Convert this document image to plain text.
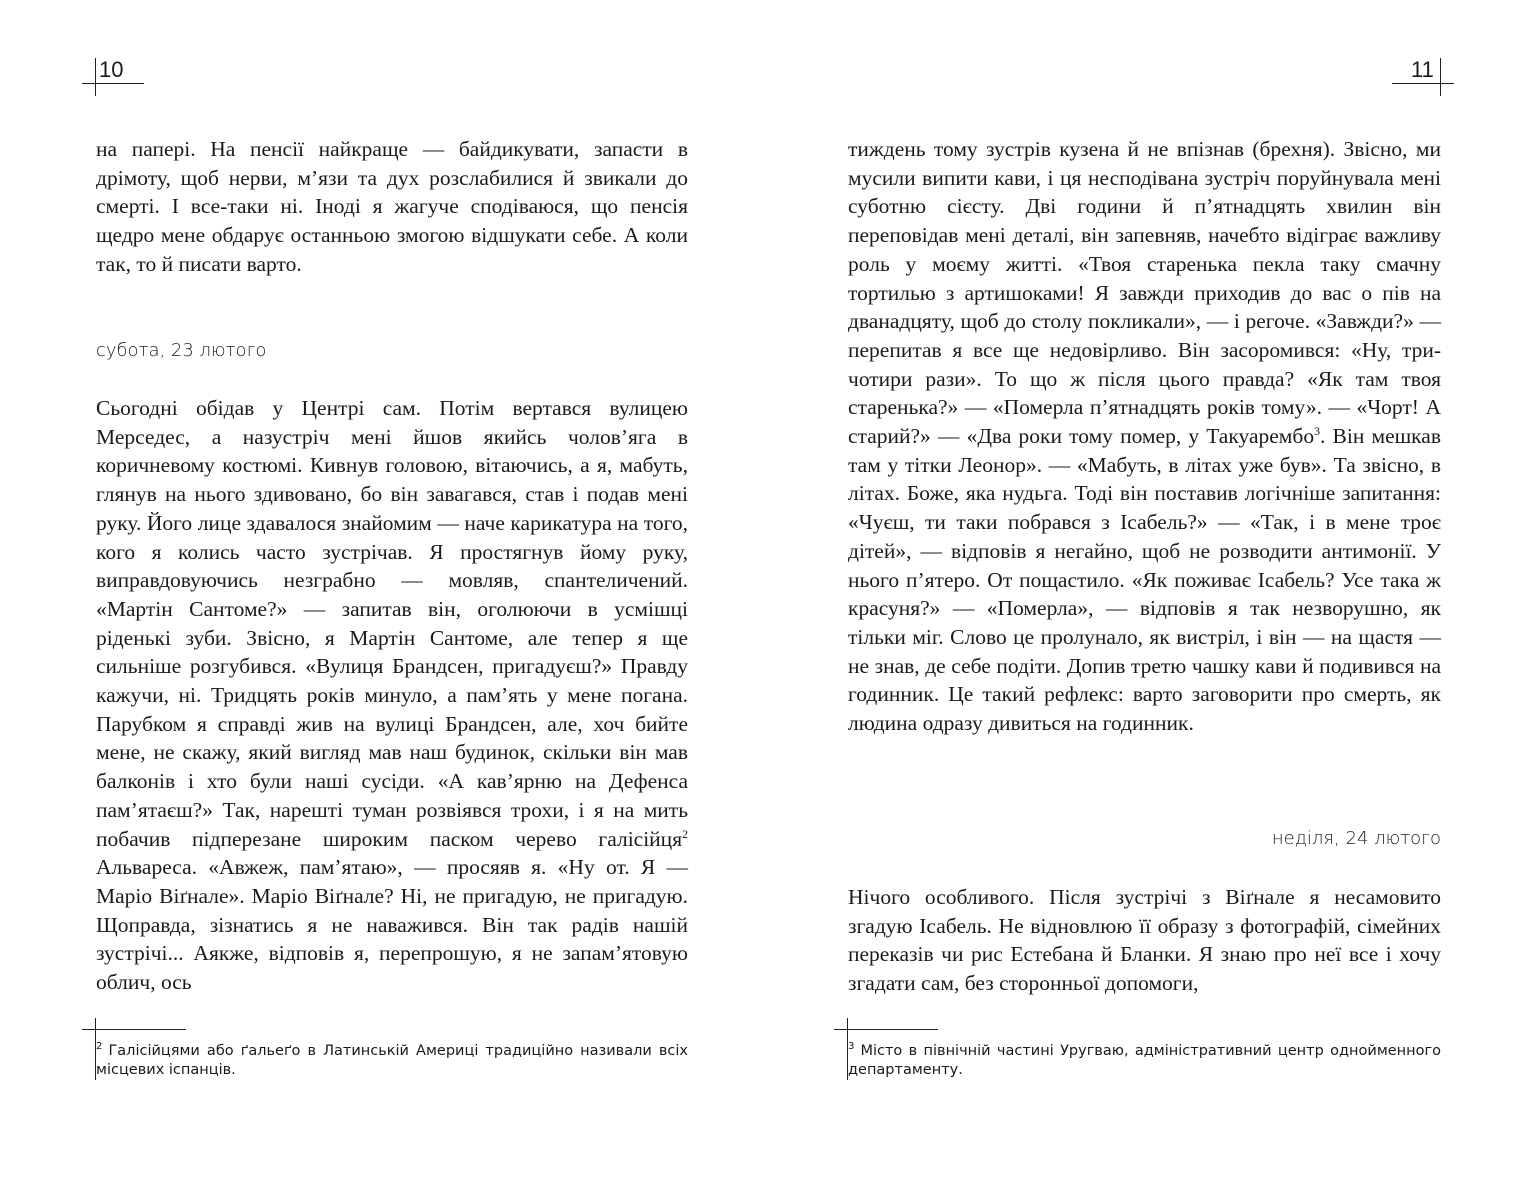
10

на папері. На пенсії найкраще — байдикувати, запасти в дрімоту, щоб нерви, м’язи та дух розслабилися й звикали до смерті. І все-таки ні. Іноді я жагуче сподіваюся, що пенсія щедро мене обдарує останньою змогою відшукати себе. А коли так, то й писати варто.

субота, 23 лютого

Сьогодні обідав у Центрі сам. Потім вертався вулицею Мерседес, а назустріч мені йшов якийсь чолов’яга в коричневому костюмі. Кивнув головою, вітаючись, а я, мабуть, глянув на нього здивовано, бо він завагався, став і подав мені руку. Його лице здавалося знайомим — наче карикатура на того, кого я колись часто зустрічав. Я простягнув йому руку, виправдовуючись незграбно — мовляв, спантеличений. «Мартін Сантоме?» — запитав він, оголюючи в усмішці ріденькі зуби. Звісно, я Мартін Сантоме, але тепер я ще сильніше розгубився. «Вулиця Брандсен, пригадуєш?» Правду кажучи, ні. Тридцять років минуло, а пам’ять у мене погана. Парубком я справді жив на вулиці Брандсен, але, хоч бийте мене, не скажу, який вигляд мав наш будинок, скільки він мав балконів і хто були наші сусіди. «А кав’ярню на Дефенса пам’ятаєш?» Так, нарешті туман розвіявся трохи, і я на мить побачив підперезане широким паском черево галісійця$^2$ Альвареса. «Авжеж, пам’ятаю», — просяяв я. «Ну от. Я — Маріо Віґнале». Маріо Віґнале? Ні, не пригадую, не пригадую. Щоправда, зізнатись я не наважився. Він так радів нашій зустрічі... Аякже, відповів я, перепрошую, я не запам’ятовую облич, ось

$^2$ Галісійцями або ґальеґо в Латинській Америці традиційно називали всіх місцевих іспанців.

11

тиждень тому зустрів кузена й не впізнав (брехня). Звісно, ми мусили випити кави, і ця несподівана зустріч поруйнувала мені суботню сієсту. Дві години й п’ятнадцять хвилин він переповідав мені деталі, він запевняв, начебто відіграє важливу роль у моєму житті. «Твоя старенька пекла таку смачну тортилью з артишоками! Я завжди приходив до вас о пів на дванадцяту, щоб до столу покликали», — і регоче. «Завжди?» — перепитав я все ще недовірливо. Він засоромився: «Ну, три-чотири рази». То що ж після цього правда? «Як там твоя старенька?» — «Померла п’ятнадцять років тому». — «Чорт! А старий?» — «Два роки тому помер, у Такуарембо$^3$. Він мешкав там у тітки Леонор». — «Мабуть, в літах уже був». Та звісно, в літах. Боже, яка нудьга. Тоді він поставив логічніше запитання: «Чуєш, ти таки побрався з Ісабель?» — «Так, і в мене троє дітей», — відповів я негайно, щоб не розводити антимонії. У нього п’ятеро. От пощастило. «Як поживає Ісабель? Усе така ж красуня?» — «Померла», — відповів я так незворушно, як тільки міг. Слово це пролунало, як вистріл, і він — на щастя — не знав, де себе подіти. Допив третю чашку кави й подивився на годинник. Це такий рефлекс: варто заговорити про смерть, як людина одразу дивиться на годинник.

неділя, 24 лютого

Нічого особливого. Після зустрічі з Віґнале я несамовито згадую Ісабель. Не відновлюю її образу з фотографій, сімейних переказів чи рис Естебана й Бланки. Я знаю про неї все і хочу згадати сам, без сторонньої допомоги,

$^3$ Місто в північній частині Уругваю, адміністративний центр однойменного департаменту.
